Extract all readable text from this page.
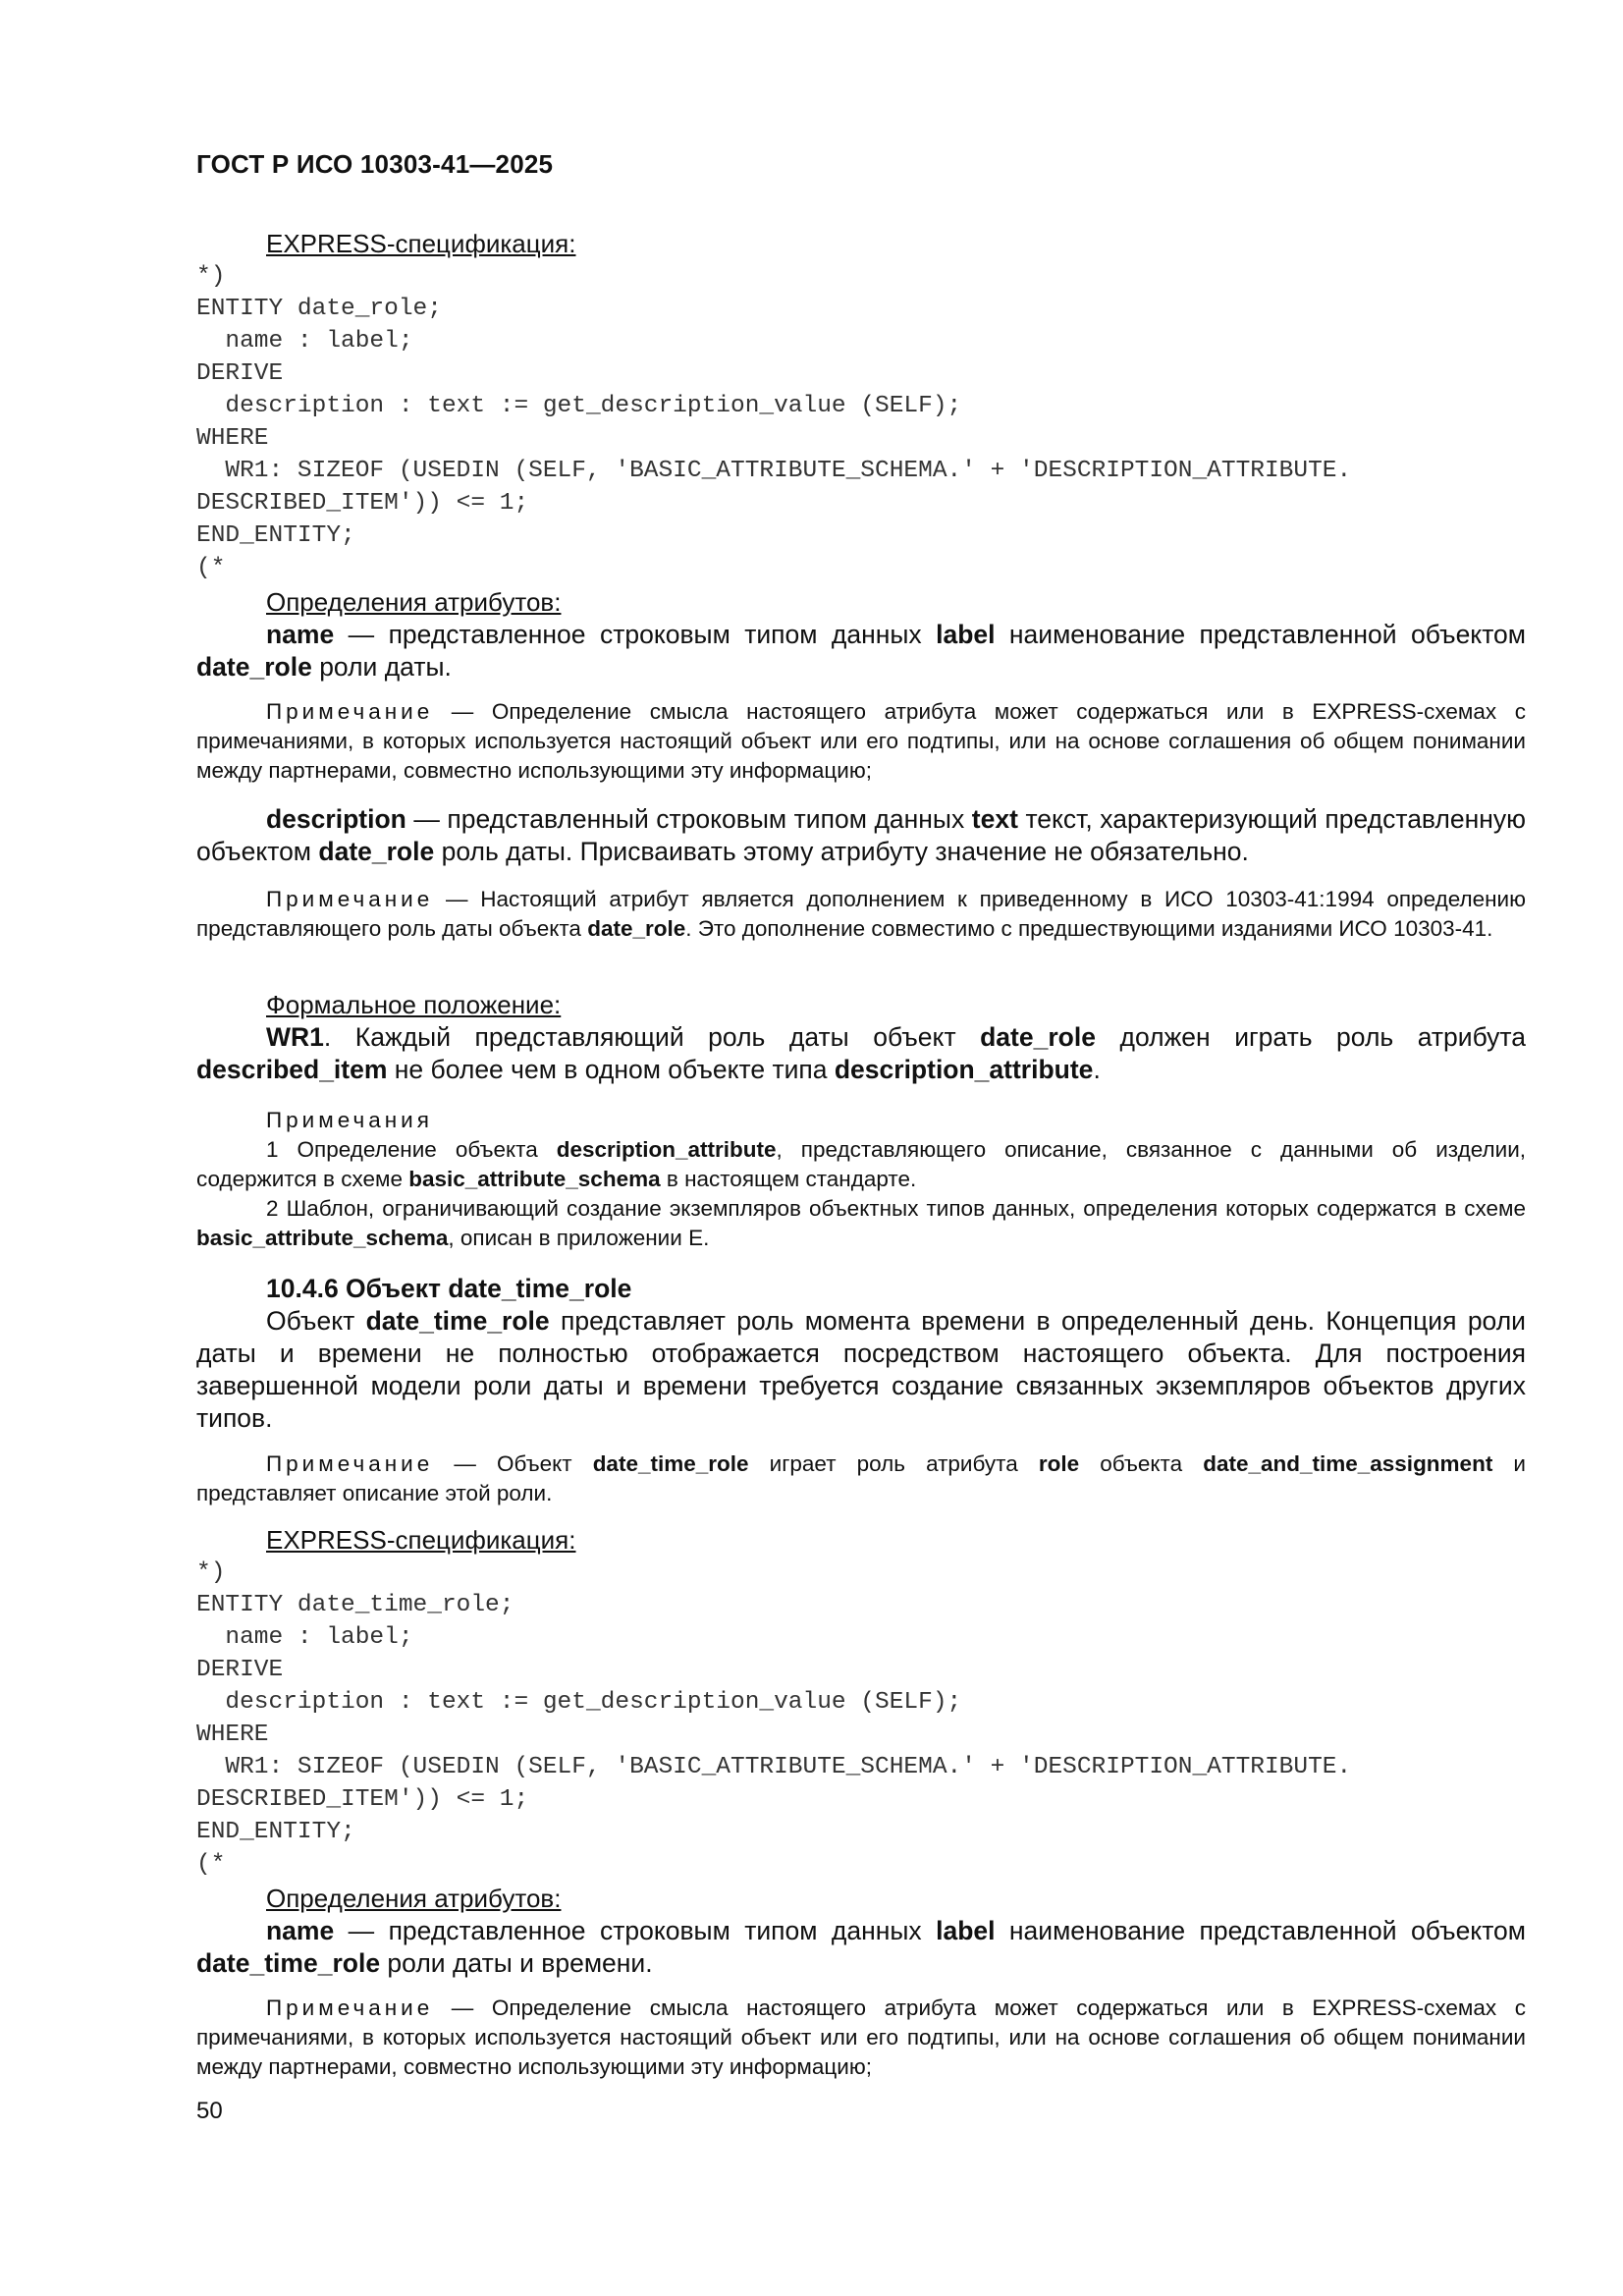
ГОСТ Р ИСО 10303-41—2025

EXPRESS-спецификация:

*)
ENTITY date_role;
name : label;
DERIVE
description : text := get_description_value (SELF);
WHERE
WR1: SIZEOF (USEDIN (SELF, 'BASIC_ATTRIBUTE_SCHEMA.' + 'DESCRIPTION_ATTRIBUTE.
DESCRIBED_ITEM')) <= 1;
END_ENTITY;
(*

Определения атрибутов:

name — представленное строковым типом данных label наименование представленной объектом date_role роли даты.

Примечание — Определение смысла настоящего атрибута может содержаться или в EXPRESS-схемах с примечаниями, в которых используется настоящий объект или его подтипы, или на основе соглашения об общем понимании между партнерами, совместно использующими эту информацию;

description — представленный строковым типом данных text текст, характеризующий представленную объектом date_role роль даты. Присваивать этому атрибуту значение не обязательно.

Примечание — Настоящий атрибут является дополнением к приведенному в ИСО 10303-41:1994 определению представляющего роль даты объекта date_role. Это дополнение совместимо с предшествующими изданиями ИСО 10303-41.

Формальное положение:

WR1. Каждый представляющий роль даты объект date_role должен играть роль атрибута described_item не более чем в одном объекте типа description_attribute.

Примечания

1 Определение объекта description_attribute, представляющего описание, связанное с данными об изделии, содержится в схеме basic_attribute_schema в настоящем стандарте.

2 Шаблон, ограничивающий создание экземпляров объектных типов данных, определения которых содержатся в схеме basic_attribute_schema, описан в приложении Е.

10.4.6 Объект date_time_role

Объект date_time_role представляет роль момента времени в определенный день. Концепция роли даты и времени не полностью отображается посредством настоящего объекта. Для построения завершенной модели роли даты и времени требуется создание связанных экземпляров объектов других типов.

Примечание — Объект date_time_role играет роль атрибута role объекта date_and_time_assignment и представляет описание этой роли.

EXPRESS-спецификация:

*)
ENTITY date_time_role;
name : label;
DERIVE
description : text := get_description_value (SELF);
WHERE
WR1: SIZEOF (USEDIN (SELF, 'BASIC_ATTRIBUTE_SCHEMA.' + 'DESCRIPTION_ATTRIBUTE.
DESCRIBED_ITEM')) <= 1;
END_ENTITY;
(*

Определения атрибутов:

name — представленное строковым типом данных label наименование представленной объектом date_time_role роли даты и времени.

Примечание — Определение смысла настоящего атрибута может содержаться или в EXPRESS-схемах с примечаниями, в которых используется настоящий объект или его подтипы, или на основе соглашения об общем понимании между партнерами, совместно использующими эту информацию;

50
